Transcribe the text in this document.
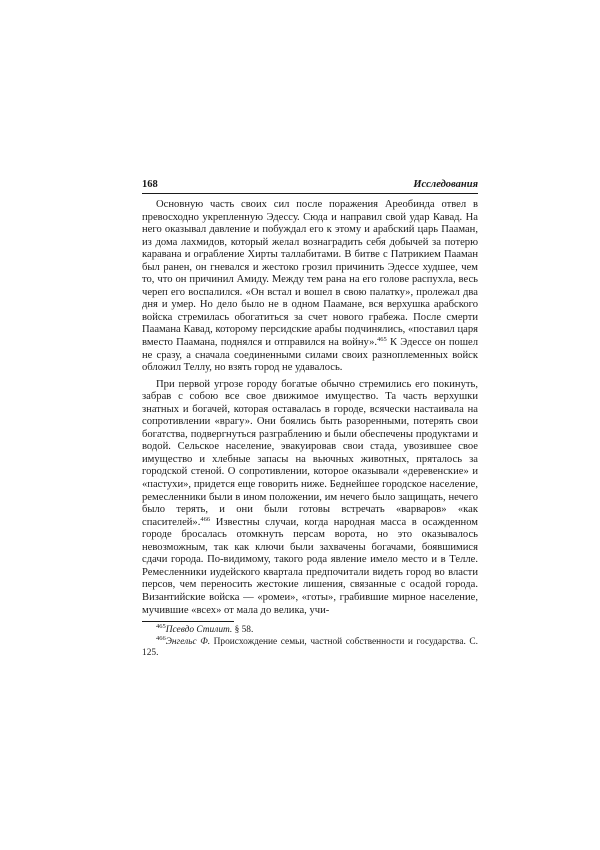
168	Исследования

Основную часть своих сил после поражения Ареобинда отвел в превосходно укрепленную Эдессу. Сюда и направил свой удар Кавад. На него оказывал давление и побуждал его к этому и арабский царь Пааман, из дома лахмидов, который желал вознаградить себя добычей за потерю каравана и ограбление Хирты таллабитами. В битве с Патрикием Пааман был ранен, он гневался и жестоко грозил причинить Эдессе худшее, чем то, что он причинил Амиду. Между тем рана на его голове распухла, весь череп его воспалился. «Он встал и вошел в свою палатку», пролежал два дня и умер. Но дело было не в одном Паамане, вся верхушка арабского войска стремилась обогатиться за счет нового грабежа. После смерти Паамана Кавад, которому персидские арабы подчинялись, «поставил царя вместо Паамана, поднялся и отправился на войну».$^{465}$ К Эдессе он пошел не сразу, а сначала соединенными силами своих разноплеменных войск обложил Теллу, но взять город не удавалось.

При первой угрозе городу богатые обычно стремились его покинуть, забрав с собою все свое движимое имущество. Та часть верхушки знатных и богачей, которая оставалась в городе, всячески настаивала на сопротивлении «врагу». Они боялись быть разоренными, потерять свои богатства, подвергнуться разграблению и были обеспечены продуктами и водой. Сельское население, эвакуировав свои стада, увозившее свое имущество и хлебные запасы на вьючных животных, пряталось за городской стеной. О сопротивлении, которое оказывали «деревенские» и «пастухи», придется еще говорить ниже. Беднейшее городское население, ремесленники были в ином положении, им нечего было защищать, нечего было терять, и они были готовы встречать «варваров» «как спасителей».$^{466}$ Известны случаи, когда народная масса в осажденном городе бросалась отомкнуть персам ворота, но это оказывалось невозможным, так как ключи были захвачены богачами, боявшимися сдачи города. По-видимому, такого рода явление имело место и в Телле. Ремесленники иудейского квартала предпочитали видеть город во власти персов, чем переносить жестокие лишения, связанные с осадой города. Византийские войска — «ромеи», «готы», грабившие мирное население, мучившие «всех» от мала до велика, учи-

$^{465}$Псевдо Стилит. § 58.

$^{466}$Энгельс Ф. Происхождение семьи, частной собственности и государства. С. 125.
